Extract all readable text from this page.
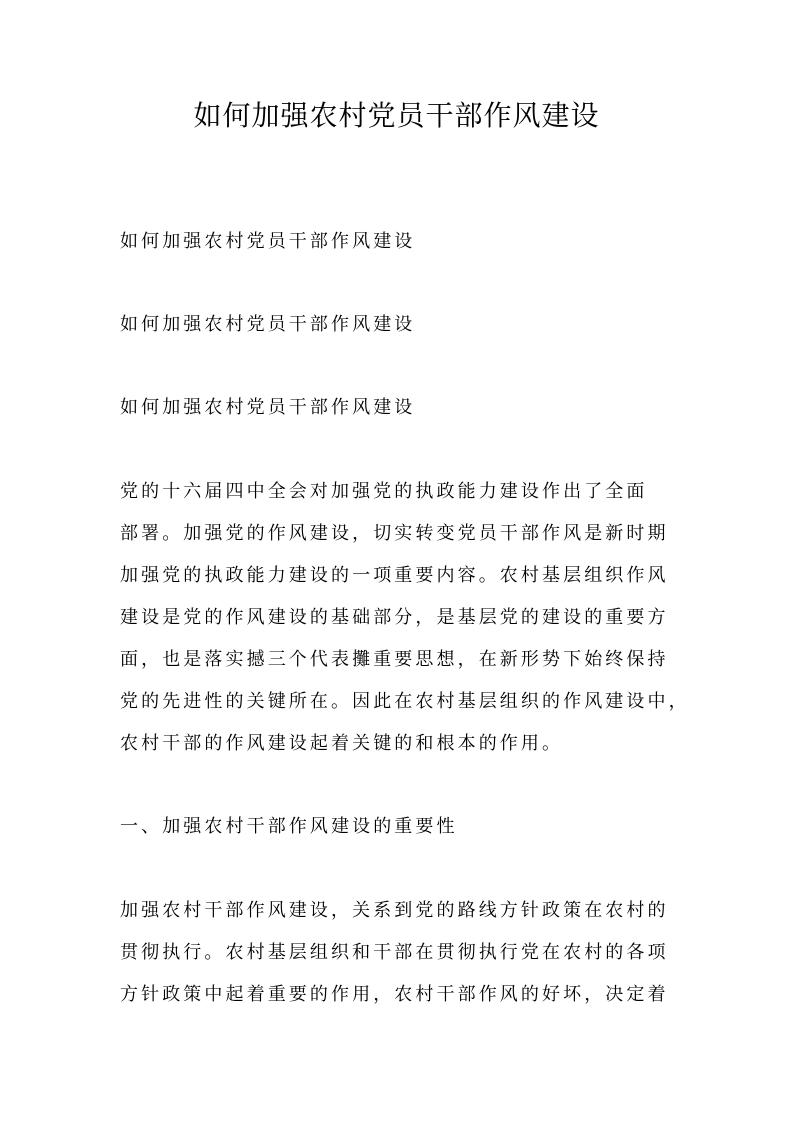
如何加强农村党员干部作风建设
如何加强农村党员干部作风建设
如何加强农村党员干部作风建设
如何加强农村党员干部作风建设
党的十六届四中全会对加强党的执政能力建设作出了全面
部署。加强党的作风建设，切实转变党员干部作风是新时期
加强党的执政能力建设的一项重要内容。农村基层组织作风
建设是党的作风建设的基础部分，是基层党的建设的重要方
面，也是落实撼三个代表攤重要思想，在新形势下始终保持
党的先进性的关键所在。因此在农村基层组织的作风建设中，
农村干部的作风建设起着关键的和根本的作用。
一、加强农村干部作风建设的重要性
加强农村干部作风建设，关系到党的路线方针政策在农村的
贯彻执行。农村基层组织和干部在贯彻执行党在农村的各项
方针政策中起着重要的作用，农村干部作风的好坏，决定着
